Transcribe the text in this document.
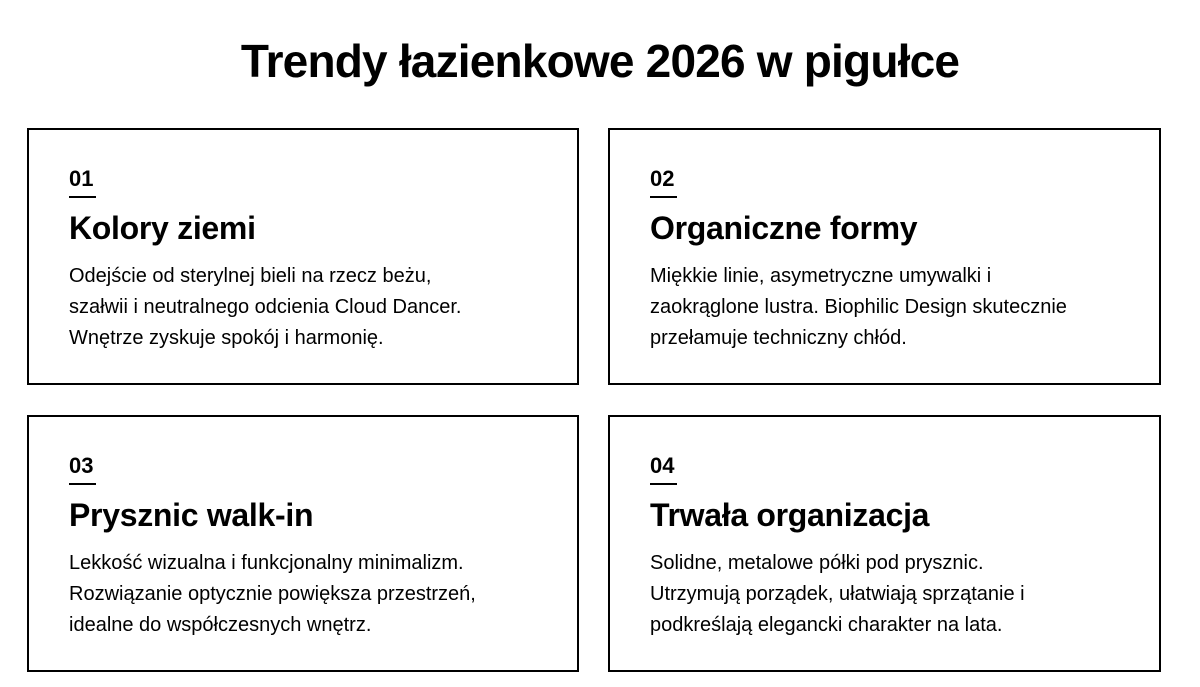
Trendy łazienkowe 2026 w pigułce
01
Kolory ziemi

Odejście od sterylnej bieli na rzecz beżu,
szałwii i neutralnego odcienia Cloud Dancer.
Wnętrze zyskuje spokój i harmonię.

02
Organiczne formy

Miękkie linie, asymetryczne umywalki i
zaokrąglone lustra. Biophilic Design skutecznie
przełamuje techniczny chłód.

03
Prysznic walk-in

Lekkość wizualna i funkcjonalny minimalizm.
Rozwiązanie optycznie powiększa przestrzeń,
idealne do współczesnych wnętrz.

04
Trwała organizacja

Solidne, metalowe półki pod prysznic.
Utrzymują porządek, ułatwiają sprzątanie i
podkreślają elegancki charakter na lata.
